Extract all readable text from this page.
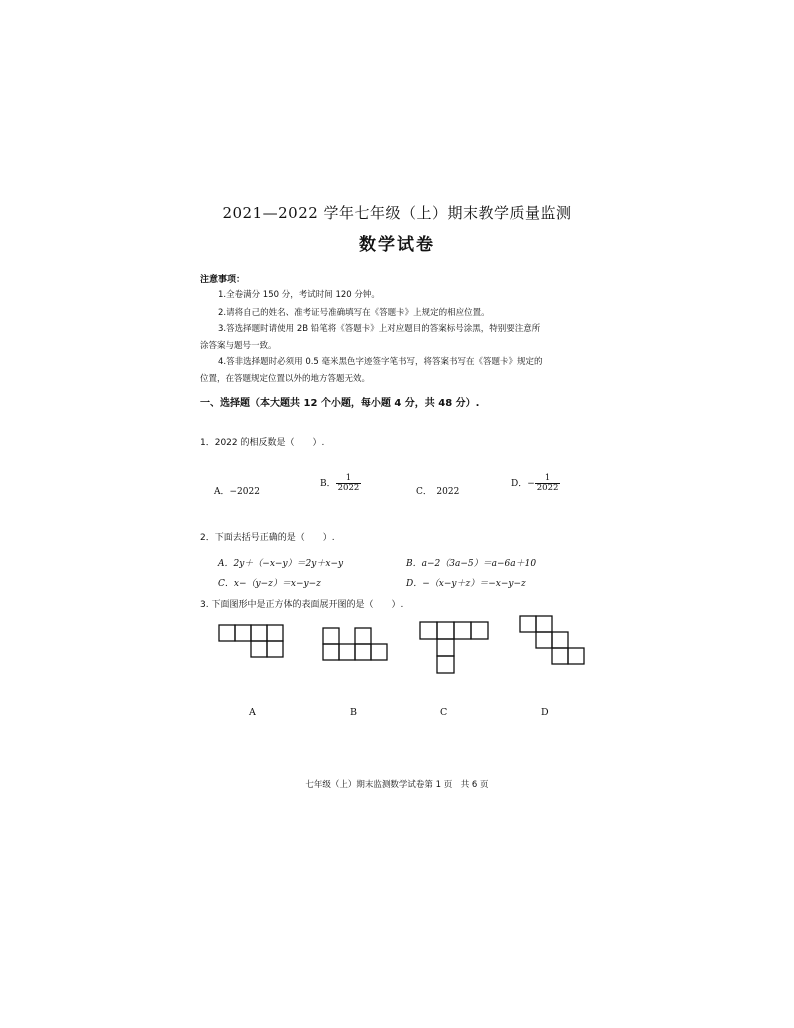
2021—2022 学年七年级（上）期末教学质量监测
数学试卷
注意事项：
1.全卷满分 150 分，考试时间 120 分钟。
2.请将自己的姓名、准考证号准确填写在《答题卡》上规定的相应位置。
3.答选择题时请使用 2B 铅笔将《答题卡》上对应题目的答案标号涂黑，特别要注意所
涂答案与题号一致。
4.答非选择题时必须用 0.5 毫米黑色字迹签字笔书写，将答案书写在《答题卡》规定的
位置，在答题规定位置以外的地方答题无效。
一、选择题（本大题共 12 个小题，每小题 4 分，共 48 分）.
1．2022 的相反数是（　　）.
A．−2022
B． $\frac{1}{2022}$	C．　2022
D．− $\frac{1}{2022}$
2．下面去括号正确的是（　　）.
A．2y＋（−x−y）＝2y＋x−y	B．a−2（3a−5）＝a−6a＋10
C．x−（y−z）＝x−y−z	D．−（x−y＋z）＝−x−y−z
3. 下面图形中是正方体的表面展开图的是（　　）.
A	B	C	D
七年级（上）期末监测数学试卷第 1 页　共 6 页
